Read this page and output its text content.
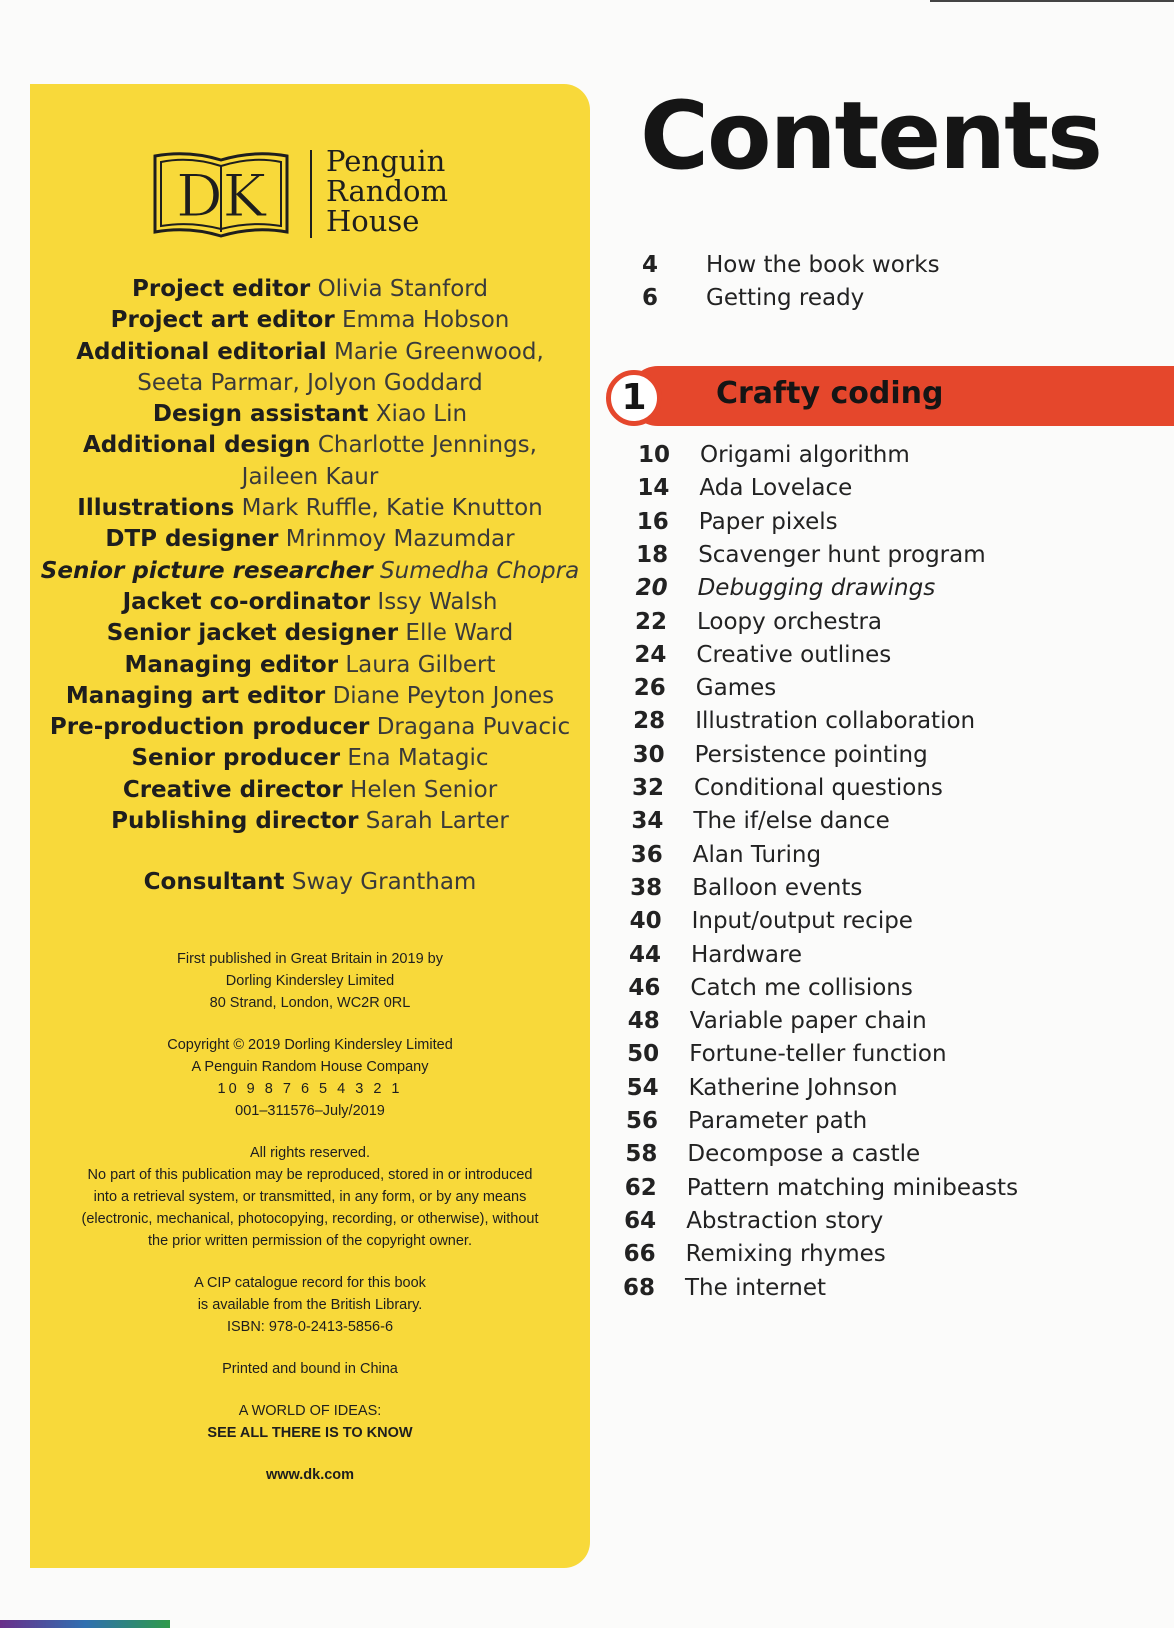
DK
Penguin
Random
House
Project editor Olivia Stanford
Project art editor Emma Hobson
Additional editorial Marie Greenwood,
Seeta Parmar, Jolyon Goddard
Design assistant Xiao Lin
Additional design Charlotte Jennings,
Jaileen Kaur
Illustrations Mark Ruffle, Katie Knutton
DTP designer Mrinmoy Mazumdar
Senior picture researcher Sumedha Chopra
Jacket co-ordinator Issy Walsh
Senior jacket designer Elle Ward
Managing editor Laura Gilbert
Managing art editor Diane Peyton Jones
Pre-production producer Dragana Puvacic
Senior producer Ena Matagic
Creative director Helen Senior
Publishing director Sarah Larter
Consultant Sway Grantham
First published in Great Britain in 2019 by
Dorling Kindersley Limited
80 Strand, London, WC2R 0RL
Copyright © 2019 Dorling Kindersley Limited
A Penguin Random House Company
10 9 8 7 6 5 4 3 2 1
001–311576–July/2019
All rights reserved.
No part of this publication may be reproduced, stored in or introduced
into a retrieval system, or transmitted, in any form, or by any means
(electronic, mechanical, photocopying, recording, or otherwise), without
the prior written permission of the copyright owner.
A CIP catalogue record for this book
is available from the British Library.
ISBN: 978-0-2413-5856-6
Printed and bound in China
A WORLD OF IDEAS:
SEE ALL THERE IS TO KNOW
www.dk.com
Contents
4 How the book works
6 Getting ready
1	Crafty coding
10 Origami algorithm
14 Ada Lovelace
16 Paper pixels
18 Scavenger hunt program
20 Debugging drawings
22 Loopy orchestra
24 Creative outlines
26 Games
28 Illustration collaboration
30 Persistence pointing
32 Conditional questions
34 The if/else dance
36 Alan Turing
38 Balloon events
40 Input/output recipe
44 Hardware
46 Catch me collisions
48 Variable paper chain
50 Fortune-teller function
54 Katherine Johnson
56 Parameter path
58 Decompose a castle
62 Pattern matching minibeasts
64 Abstraction story
66 Remixing rhymes
68 The internet
